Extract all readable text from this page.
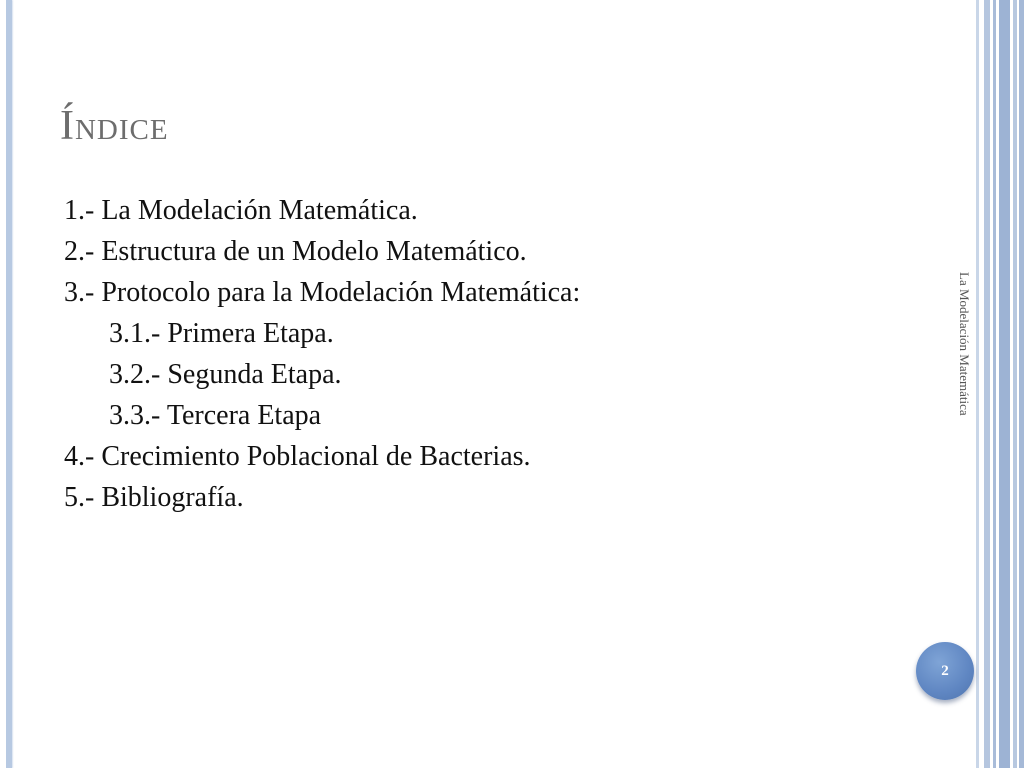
Índice
1.- La Modelación Matemática.
2.- Estructura de un Modelo Matemático.
3.- Protocolo para la Modelación Matemática:
3.1.- Primera Etapa.
3.2.- Segunda Etapa.
3.3.- Tercera Etapa
4.- Crecimiento Poblacional de Bacterias.
5.- Bibliografía.
La Modelación Matemática
2
